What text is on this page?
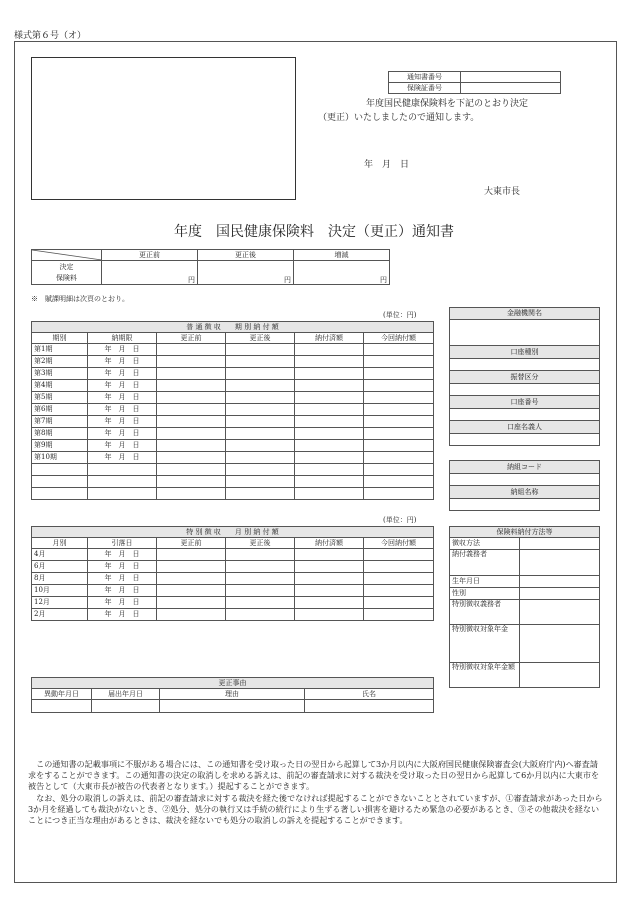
様式第６号（オ）
通知書番号	
保険証番号	
年度国民健康保険料を下記のとおり決定（更正）いたしましたので通知します。
年　月　日
大東市長
年度　国民健康保険料　決定（更正）通知書
	更正前	更正後	増減
決定
保険料	円	円	円
※　賦課明細は次頁のとおり。
(単位：円)
普 通 徴 収　　期 別 納 付 額					
期別	納期限	更正前	更正後	納付済額	今回納付額
第1期	年　月　日				
第2期	年　月　日				
第3期	年　月　日				
第4期	年　月　日				
第5期	年　月　日				
第6期	年　月　日				
第7期	年　月　日				
第8期	年　月　日				
第9期	年　月　日				
第10期	年　月　日				

(単位：円)
特 別 徴 収　　月 別 納 付 額					
月別	引落日	更正前	更正後	納付済額	今回納付額
4月	年　月　日				
6月	年　月　日				
8月	年　月　日				
10月	年　月　日				
12月	年　月　日				
2月	年　月　日				
更正事由			
異動年月日	届出年月日	理由	氏名

金融機関名

口座種別

振替区分

口座番号

口座名義人

納組コード

納組名称

保険料納付方法等	
徴収方法	
納付義務者	
生年月日	
性別	
特別徴収義務者	
特別徴収対象年金	
特別徴収対象年金額	
　この通知書の記載事項に不服がある場合には、この通知書を受け取った日の翌日から起算して3か月以内に大阪府国民健康保険審査会(大阪府庁内)へ審査請求をすることができます。この通知書の決定の取消しを求める訴えは、前記の審査請求に対する裁決を受け取った日の翌日から起算して6か月以内に大東市を被告として（大東市長が被告の代表者となります。）提起することができます。
　なお、処分の取消しの訴えは、前記の審査請求に対する裁決を経た後でなければ提起することができないこととされていますが、①審査請求があった日から3か月を経過しても裁決がないとき、②処分、処分の執行又は手続の続行により生ずる著しい損害を避けるため緊急の必要があるとき、③その他裁決を経ないことにつき正当な理由があるときは、裁決を経ないでも処分の取消しの訴えを提起することができます。
